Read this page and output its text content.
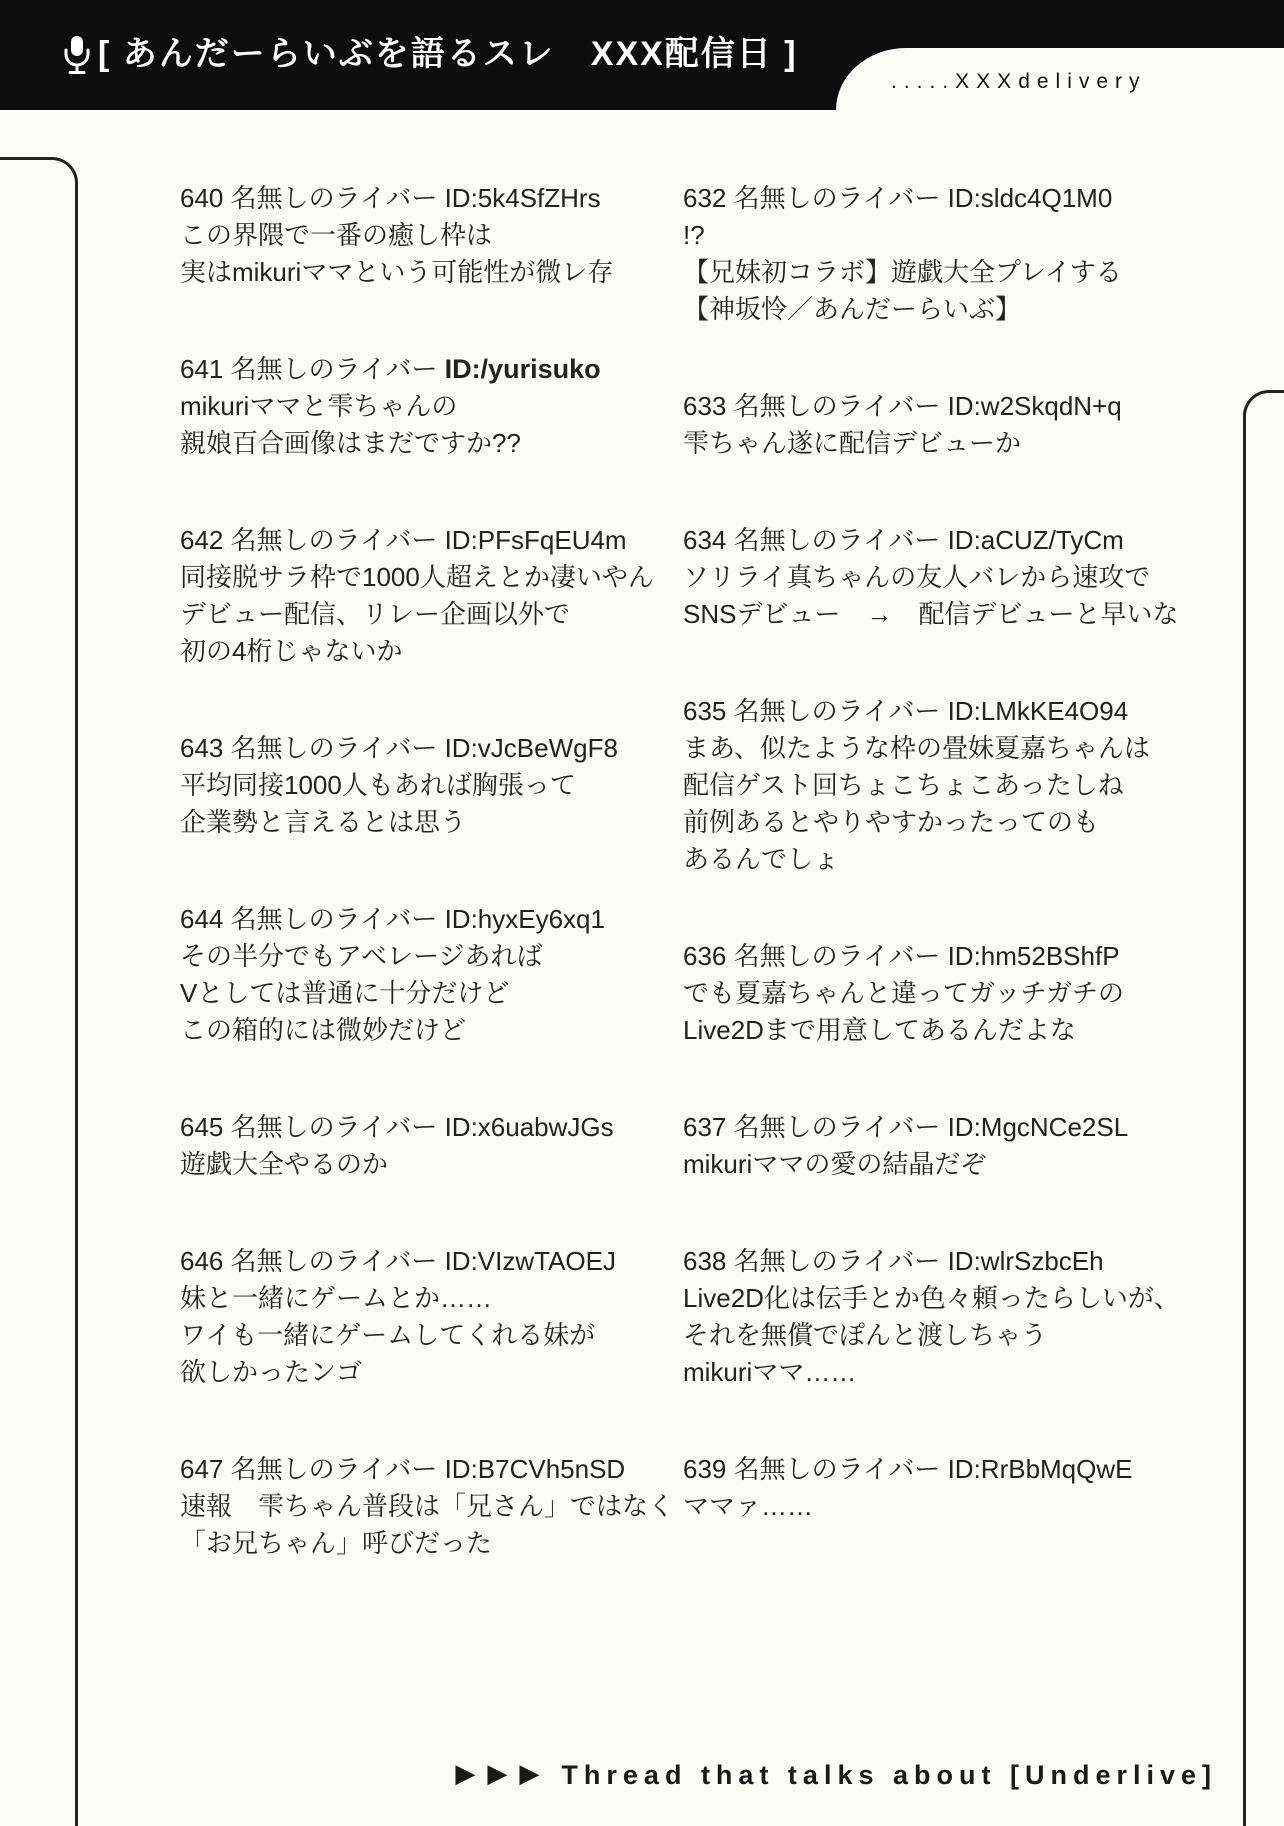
[ あんだーらいぶを語るスレ　XXX配信日 ]
.....XXXdelivery
640 名無しのライバー ID:5k4SfZHrs
この界隈で一番の癒し枠は
実はmikuriママという可能性が微レ存
641 名無しのライバー ID:/yurisuko
mikuriママと雫ちゃんの
親娘百合画像はまだですか??
642 名無しのライバー ID:PFsFqEU4m
同接脱サラ枠で1000人超えとか凄いやん
デビュー配信、リレー企画以外で
初の4桁じゃないか
643 名無しのライバー ID:vJcBeWgF8
平均同接1000人もあれば胸張って
企業勢と言えるとは思う
644 名無しのライバー ID:hyxEy6xq1
その半分でもアベレージあれば
Vとしては普通に十分だけど
この箱的には微妙だけど
645 名無しのライバー ID:x6uabwJGs
遊戯大全やるのか
646 名無しのライバー ID:VIzwTAOEJ
妹と一緒にゲームとか……
ワイも一緒にゲームしてくれる妹が
欲しかったンゴ
647 名無しのライバー ID:B7CVh5nSD
速報　雫ちゃん普段は「兄さん」ではなく
「お兄ちゃん」呼びだった
632 名無しのライバー ID:sldc4Q1M0
!?
【兄妹初コラボ】遊戯大全プレイする
【神坂怜／あんだーらいぶ】
633 名無しのライバー ID:w2SkqdN+q
雫ちゃん遂に配信デビューか
634 名無しのライバー ID:aCUZ/TyCm
ソリライ真ちゃんの友人バレから速攻で
SNSデビュー　→　配信デビューと早いな
635 名無しのライバー ID:LMkKE4O94
まあ、似たような枠の畳妹夏嘉ちゃんは
配信ゲスト回ちょこちょこあったしね
前例あるとやりやすかったってのも
あるんでしょ
636 名無しのライバー ID:hm52BShfP
でも夏嘉ちゃんと違ってガッチガチの
Live2Dまで用意してあるんだよな
637 名無しのライバー ID:MgcNCe2SL
mikuriママの愛の結晶だぞ
638 名無しのライバー ID:wlrSzbcEh
Live2D化は伝手とか色々頼ったらしいが、
それを無償でぽんと渡しちゃう
mikuriママ……
639 名無しのライバー ID:RrBbMqQwE
ママァ……
▶▶▶ Thread that talks about [Underlive]
